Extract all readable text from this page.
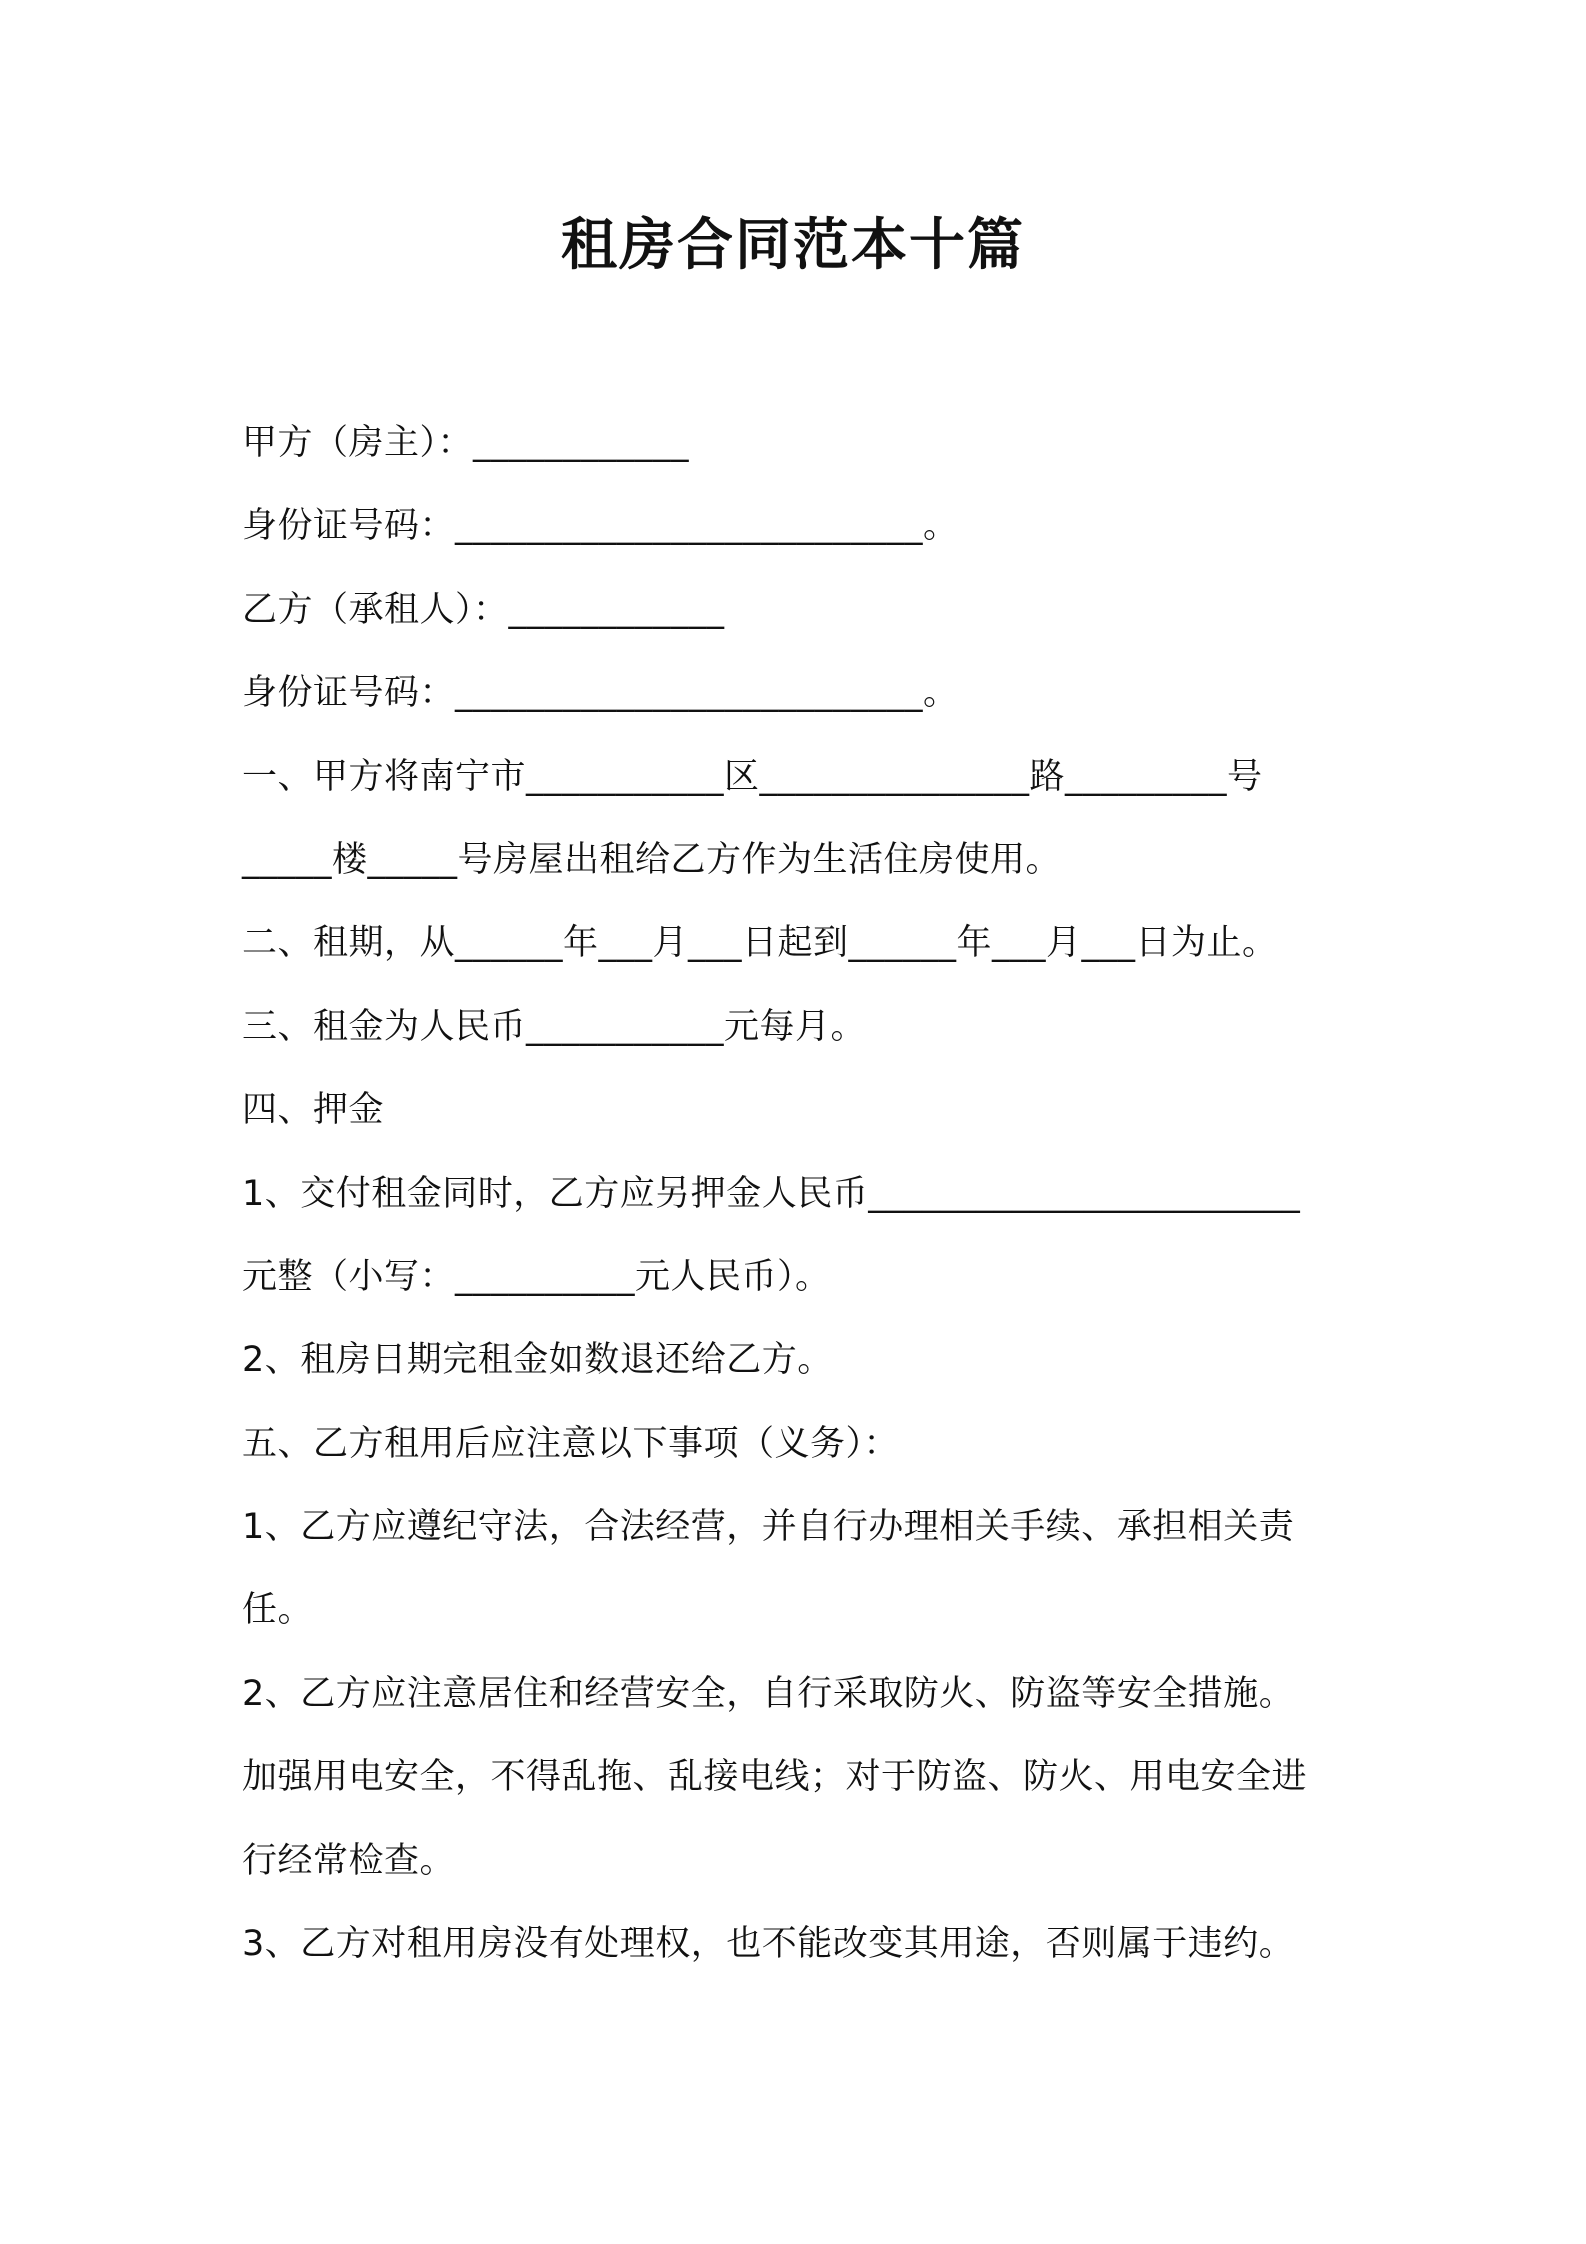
租房合同范本十篇
甲方（房主）：____________
身份证号码：__________________________。
乙方（承租人）：____________
身份证号码：__________________________。
一、甲方将南宁市___________区_______________路_________号
_____楼_____号房屋出租给乙方作为生活住房使用。
二、租期，从______年___月___日起到______年___月___日为止。
三、租金为人民币___________元每月。
四、押金
1、交付租金同时，乙方应另押金人民币________________________
元整（小写：__________元人民币）。
2、租房日期完租金如数退还给乙方。
五、乙方租用后应注意以下事项（义务）：
1、乙方应遵纪守法，合法经营，并自行办理相关手续、承担相关责
任。
2、乙方应注意居住和经营安全，自行采取防火、防盗等安全措施。
加强用电安全，不得乱拖、乱接电线；对于防盗、防火、用电安全进
行经常检查。
3、乙方对租用房没有处理权，也不能改变其用途，否则属于违约。
